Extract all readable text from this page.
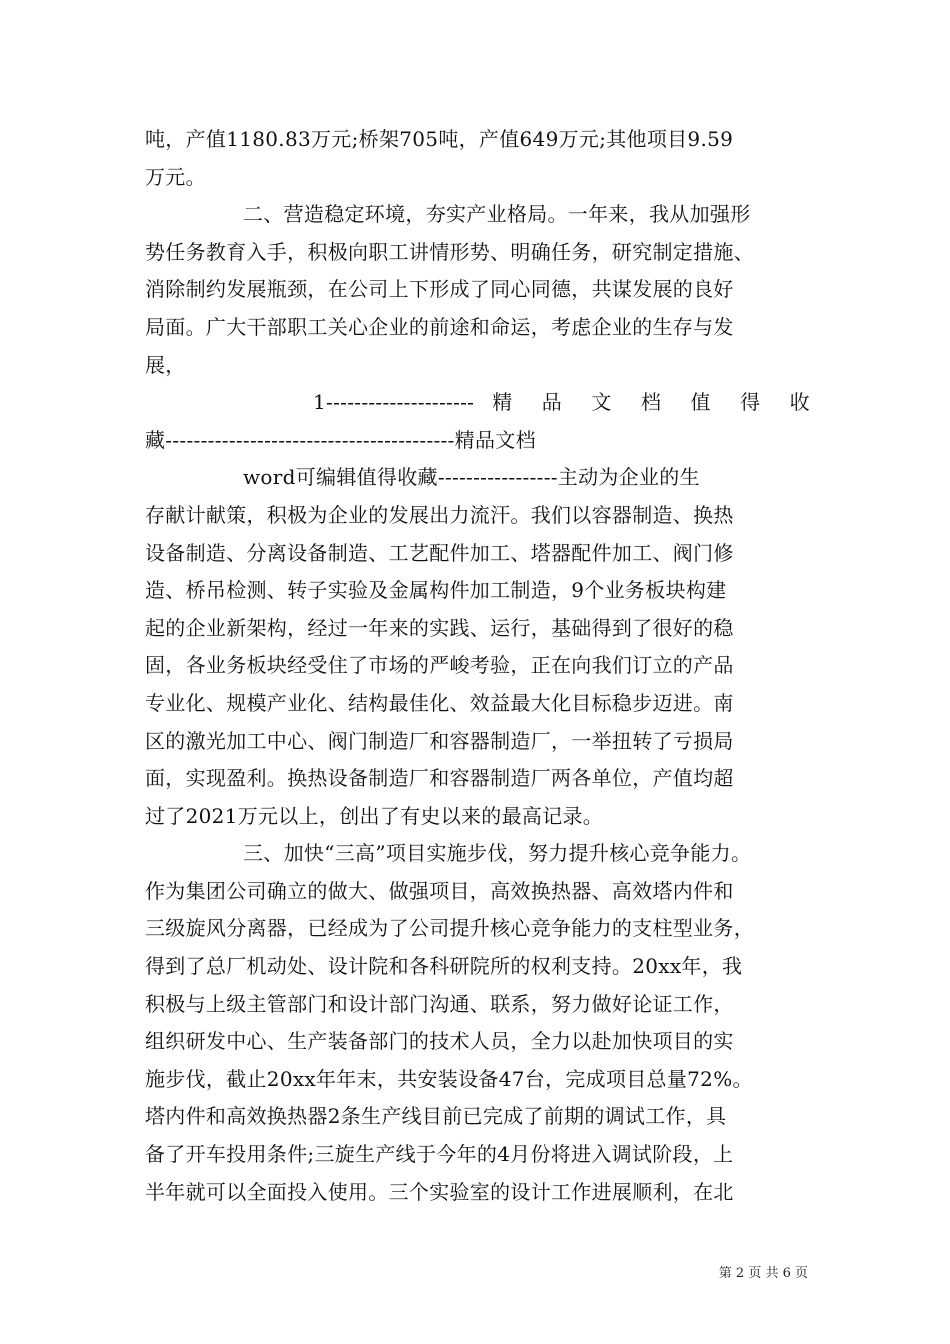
吨，产值1180.83万元;桥架705吨，产值649万元;其他项目9.59
万元。
二、营造稳定环境，夯实产业格局。一年来，我从加强形
势任务教育入手，积极向职工讲情形势、明确任务，研究制定措施、
消除制约发展瓶颈，在公司上下形成了同心同德，共谋发展的良好
局面。广大干部职工关心企业的前途和命运，考虑企业的生存与发
展，
1--------------------- 精 品 文 档 值 得 收
藏-----------------------------------------精品文档
word可编辑值得收藏-----------------主动为企业的生
存献计献策，积极为企业的发展出力流汗。我们以容器制造、换热
设备制造、分离设备制造、工艺配件加工、塔器配件加工、阀门修
造、桥吊检测、转子实验及金属构件加工制造，9个业务板块构建
起的企业新架构，经过一年来的实践、运行，基础得到了很好的稳
固，各业务板块经受住了市场的严峻考验，正在向我们订立的产品
专业化、规模产业化、结构最佳化、效益最大化目标稳步迈进。南
区的激光加工中心、阀门制造厂和容器制造厂，一举扭转了亏损局
面，实现盈利。换热设备制造厂和容器制造厂两各单位，产值均超
过了2021万元以上，创出了有史以来的最高记录。
三、加快“三高”项目实施步伐，努力提升核心竞争能力。
作为集团公司确立的做大、做强项目，高效换热器、高效塔内件和
三级旋风分离器，已经成为了公司提升核心竞争能力的支柱型业务，
得到了总厂机动处、设计院和各科研院所的权利支持。20xx年，我
积极与上级主管部门和设计部门沟通、联系，努力做好论证工作，
组织研发中心、生产装备部门的技术人员，全力以赴加快项目的实
施步伐，截止20xx年年末，共安装设备47台，完成项目总量72%。
塔内件和高效换热器2条生产线目前已完成了前期的调试工作，具
备了开车投用条件;三旋生产线于今年的4月份将进入调试阶段，上
半年就可以全面投入使用。三个实验室的设计工作进展顺利，在北
第 2 页 共 6 页
